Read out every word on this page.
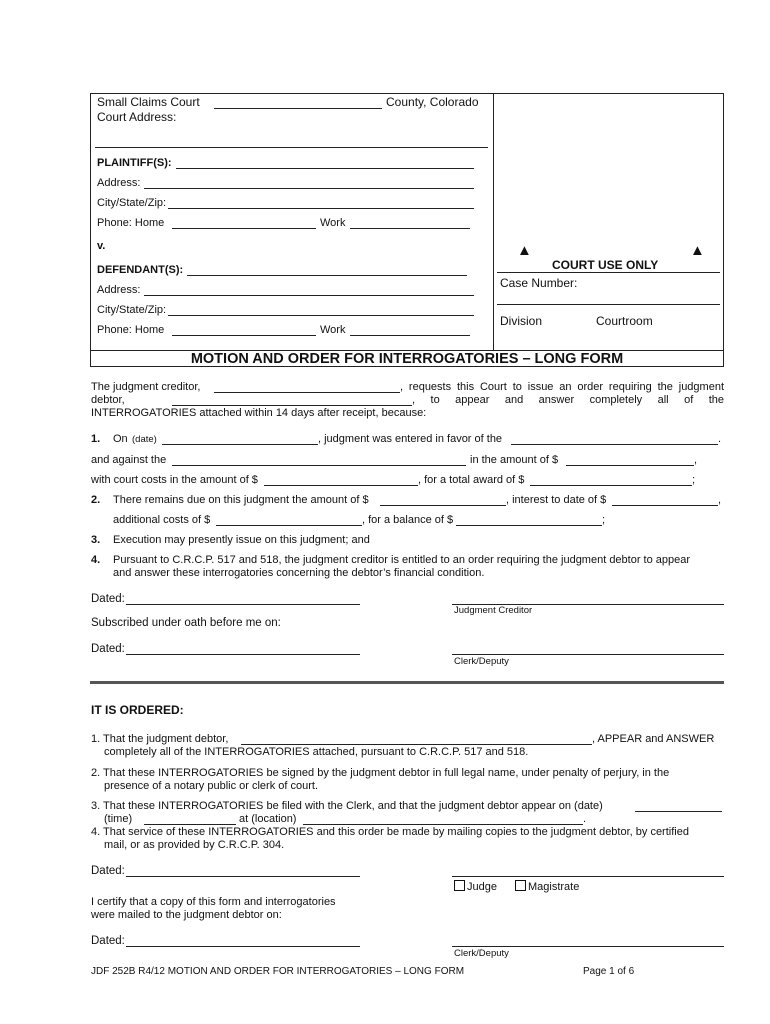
Small Claims Court	County, Colorado
Court Address:
PLAINTIFF(S):
Address:
City/State/Zip:
Phone: Home	Work
v.
DEFENDANT(S):
Address:
City/State/Zip:
Phone: Home	Work
▲	▲
COURT USE ONLY
Case Number:
Division	Courtroom
MOTION AND ORDER FOR INTERROGATORIES – LONG FORM
The judgment creditor,	, requests this Court to issue an order requiring the judgment
debtor,	, to appear and answer completely all of the
INTERROGATORIES attached within 14 days after receipt, because:
1. On (date)	, judgment was entered in favor of the	.
and against the	in the amount of $	,
with court costs in the amount of $	, for a total award of $	;
2. There remains due on this judgment the amount of $	, interest to date of $	,
additional costs of $	, for a balance of $	;
3. Execution may presently issue on this judgment; and
4. Pursuant to C.R.C.P. 517 and 518, the judgment creditor is entitled to an order requiring the judgment debtor to appear
and answer these interrogatories concerning the debtor’s financial condition.
Dated:
Judgment Creditor
Subscribed under oath before me on:
Dated:
Clerk/Deputy
IT IS ORDERED:
1. That the judgment debtor,	, APPEAR and ANSWER
completely all of the INTERROGATORIES attached, pursuant to C.R.C.P. 517 and 518.
2. That these INTERROGATORIES be signed by the judgment debtor in full legal name, under penalty of perjury, in the
presence of a notary public or clerk of court.
3. That these INTERROGATORIES be filed with the Clerk, and that the judgment debtor appear on (date)
(time)	at (location)	.
4. That service of these INTERROGATORIES and this order be made by mailing copies to the judgment debtor, by certified
mail, or as provided by C.R.C.P. 304.
Dated:
Judge	Magistrate
I certify that a copy of this form and interrogatories
were mailed to the judgment debtor on:
Dated:
Clerk/Deputy
JDF 252B R4/12 MOTION AND ORDER FOR INTERROGATORIES – LONG FORM	Page 1 of 6
